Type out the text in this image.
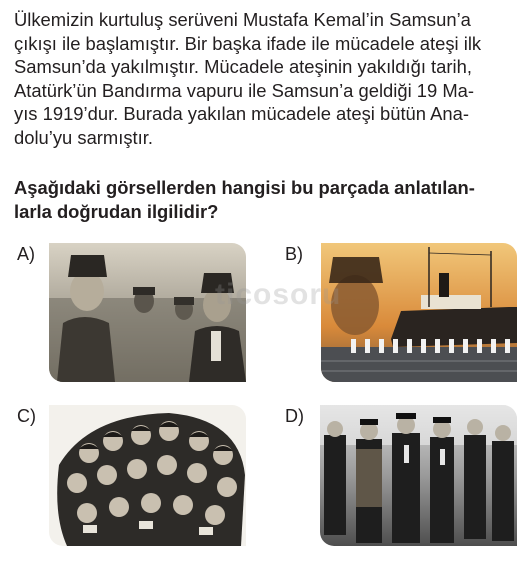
Ülkemizin kurtuluş serüveni Mustafa Kemal’in Samsun’a
çıkışı ile başlamıştır. Bir başka ifade ile mücadele ateşi ilk
Samsun’da yakılmıştır. Mücadele ateşinin yakıldığı tarih,
Atatürk’ün Bandırma vapuru ile Samsun’a geldiği 19 Ma-
yıs 1919’dur. Burada yakılan mücadele ateşi bütün Ana-
dolu’yu sarmıştır.
Aşağıdaki görsellerden hangisi bu parçada anlatılan-
larla doğrudan ilgilidir?
A)	B)
ticosoru
C)	D)
